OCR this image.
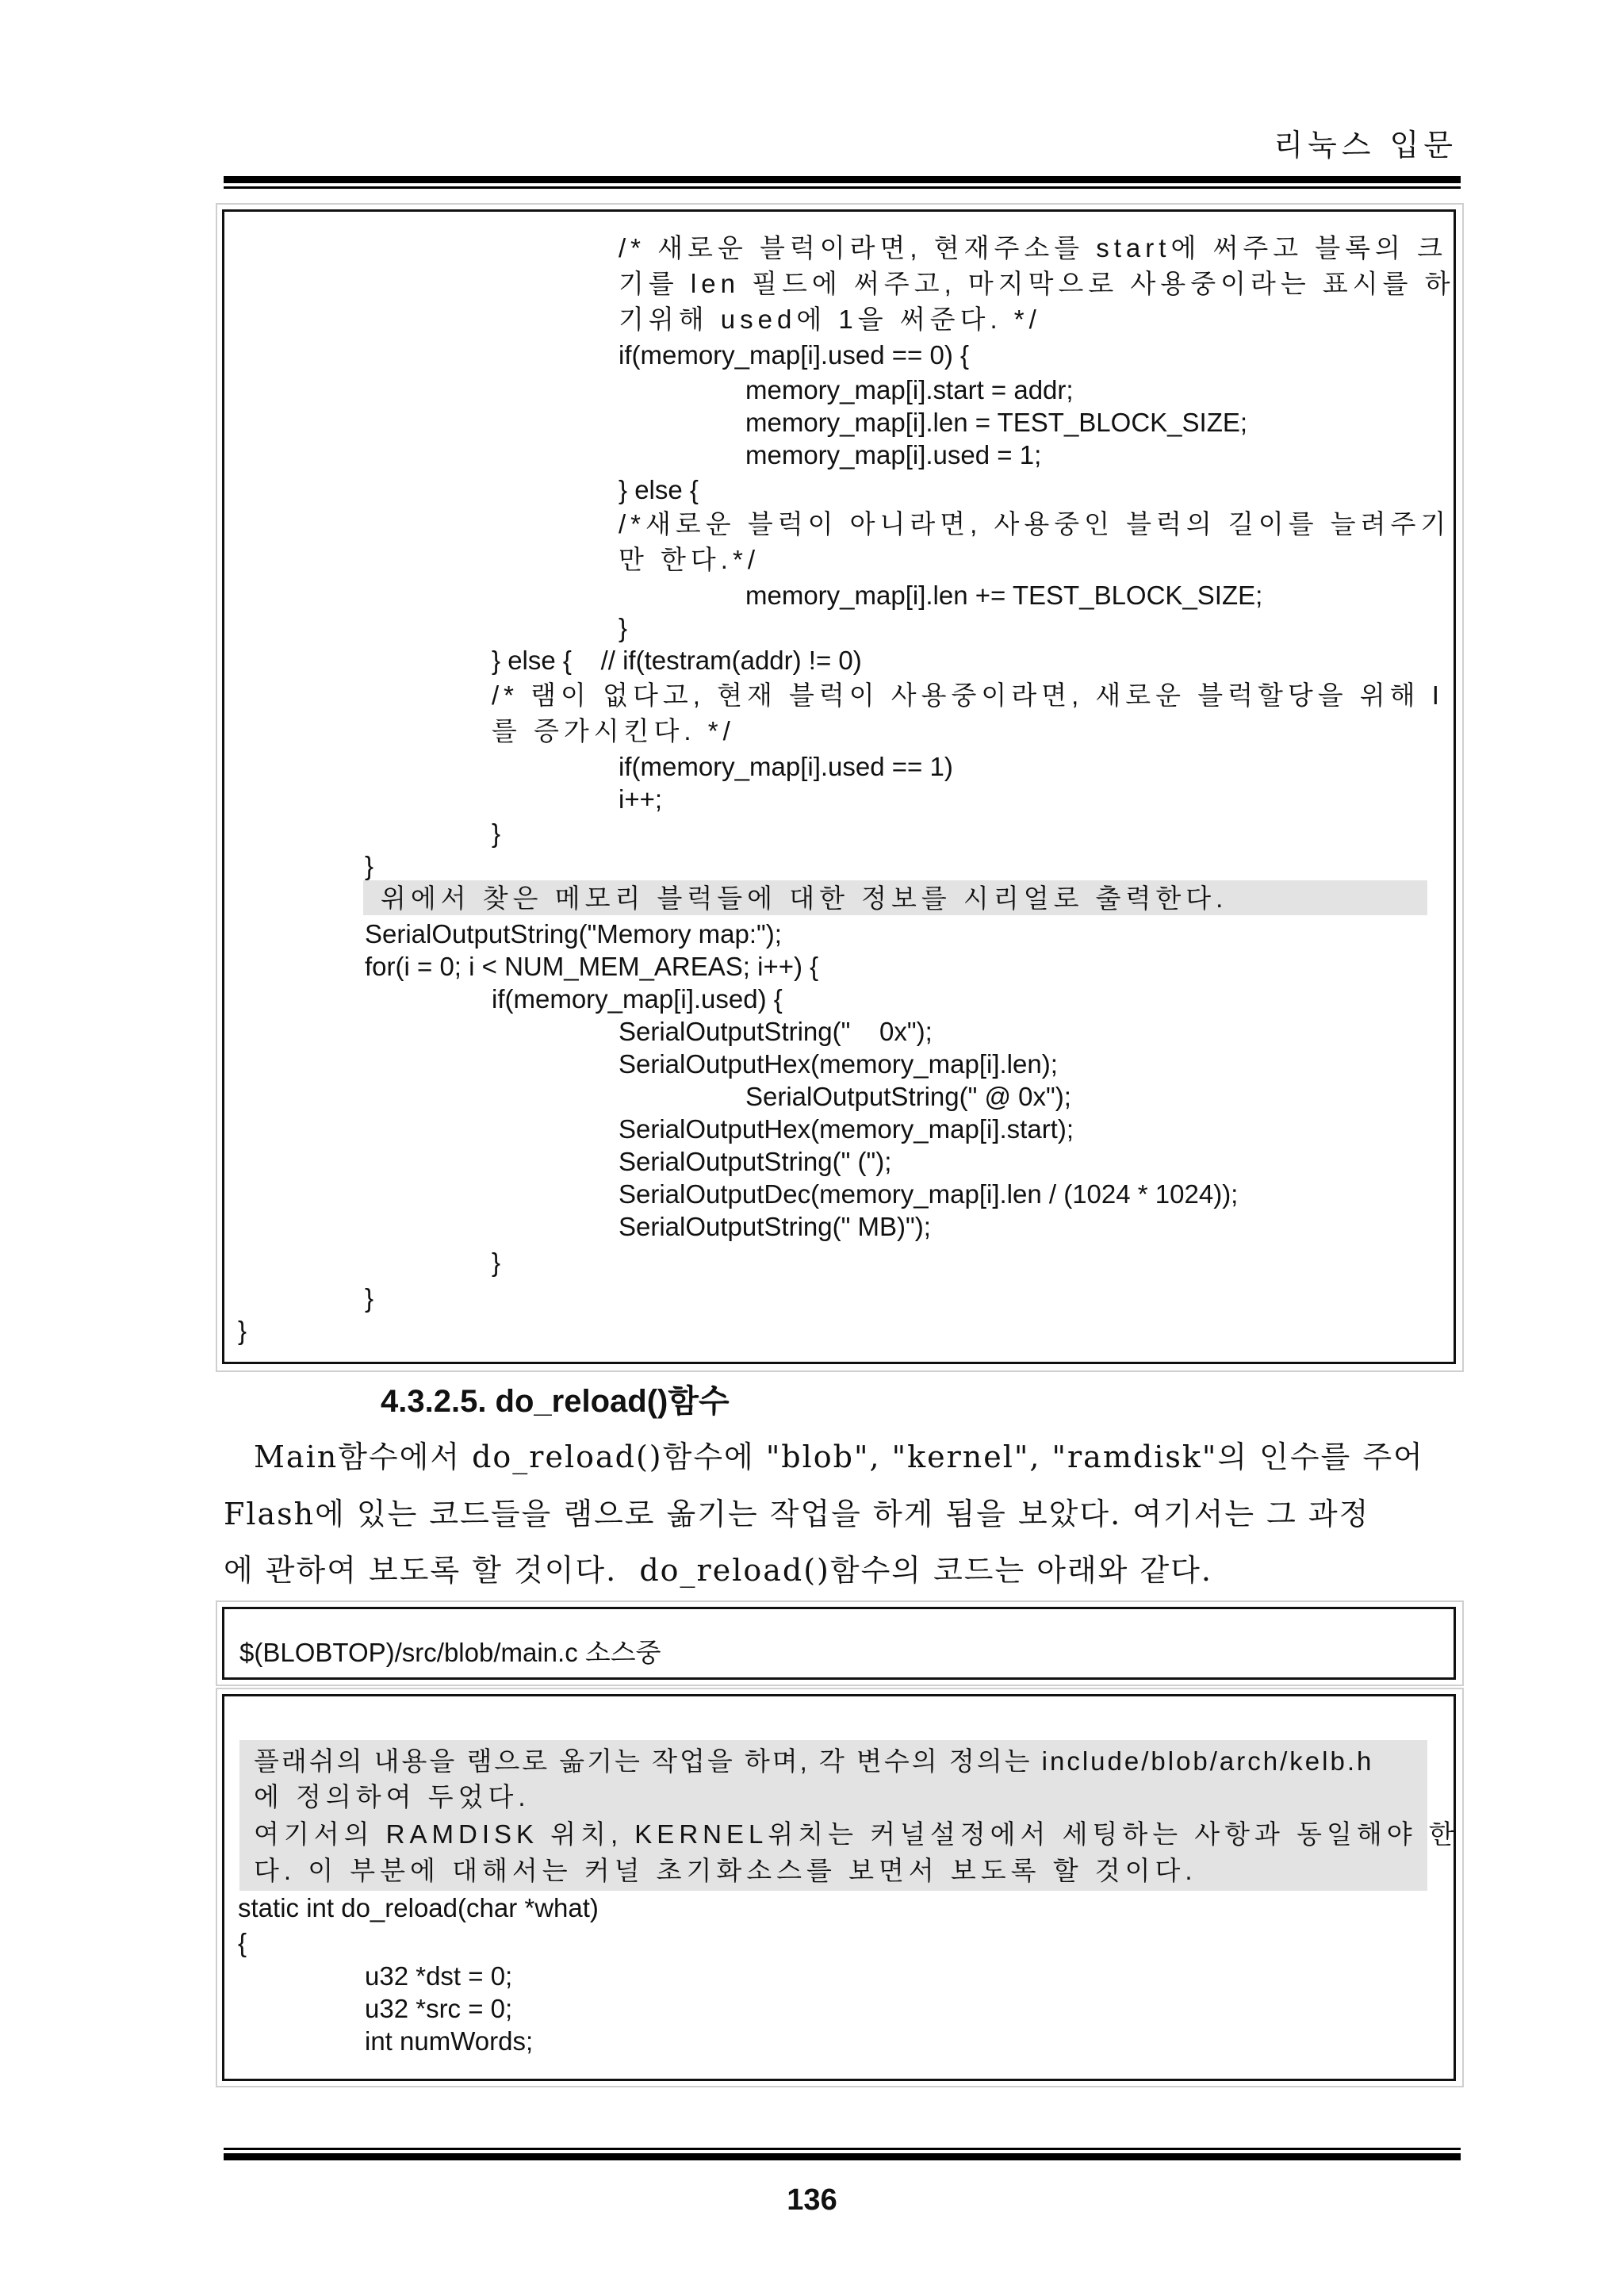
리눅스 입문
/* 새로운 블럭이라면, 현재주소를 start에 써주고 블록의 크
기를 len 필드에 써주고, 마지막으로 사용중이라는 표시를 하
기위해 used에 1을 써준다. */
if(memory_map[i].used == 0) {
memory_map[i].start = addr;
memory_map[i].len = TEST_BLOCK_SIZE;
memory_map[i].used = 1;
} else {
/*새로운 블럭이 아니라면, 사용중인 블럭의 길이를 늘려주기
만 한다.*/
memory_map[i].len += TEST_BLOCK_SIZE;
}
} else {    // if(testram(addr) != 0)
/* 램이 없다고, 현재 블럭이 사용중이라면, 새로운 블럭할당을 위해 I
를 증가시킨다. */
if(memory_map[i].used == 1)
i++;
}
}
위에서 찾은 메모리 블럭들에 대한 정보를 시리얼로 출력한다.
SerialOutputString("Memory map:");
for(i = 0; i < NUM_MEM_AREAS; i++) {
if(memory_map[i].used) {
SerialOutputString("    0x");
SerialOutputHex(memory_map[i].len);
SerialOutputString(" @ 0x");
SerialOutputHex(memory_map[i].start);
SerialOutputString(" (");
SerialOutputDec(memory_map[i].len / (1024 * 1024));
SerialOutputString(" MB)");
}
}
}
4.3.2.5. do_reload()함수
Main함수에서 do_reload()함수에 "blob", "kernel", "ramdisk"의 인수를 주어
Flash에 있는 코드들을 램으로 옮기는 작업을 하게 됨을 보았다. 여기서는 그 과정
에 관하여 보도록 할 것이다.  do_reload()함수의 코드는 아래와 같다.
$(BLOBTOP)/src/blob/main.c 소스중
플래쉬의 내용을 램으로 옮기는 작업을 하며, 각 변수의 정의는 include/blob/arch/kelb.h
에 정의하여 두었다.
여기서의 RAMDISK 위치, KERNEL위치는 커널설정에서 세팅하는 사항과 동일해야 한
다. 이 부분에 대해서는 커널 초기화소스를 보면서 보도록 할 것이다.
static int do_reload(char *what)
{
u32 *dst = 0;
u32 *src = 0;
int numWords;
136
